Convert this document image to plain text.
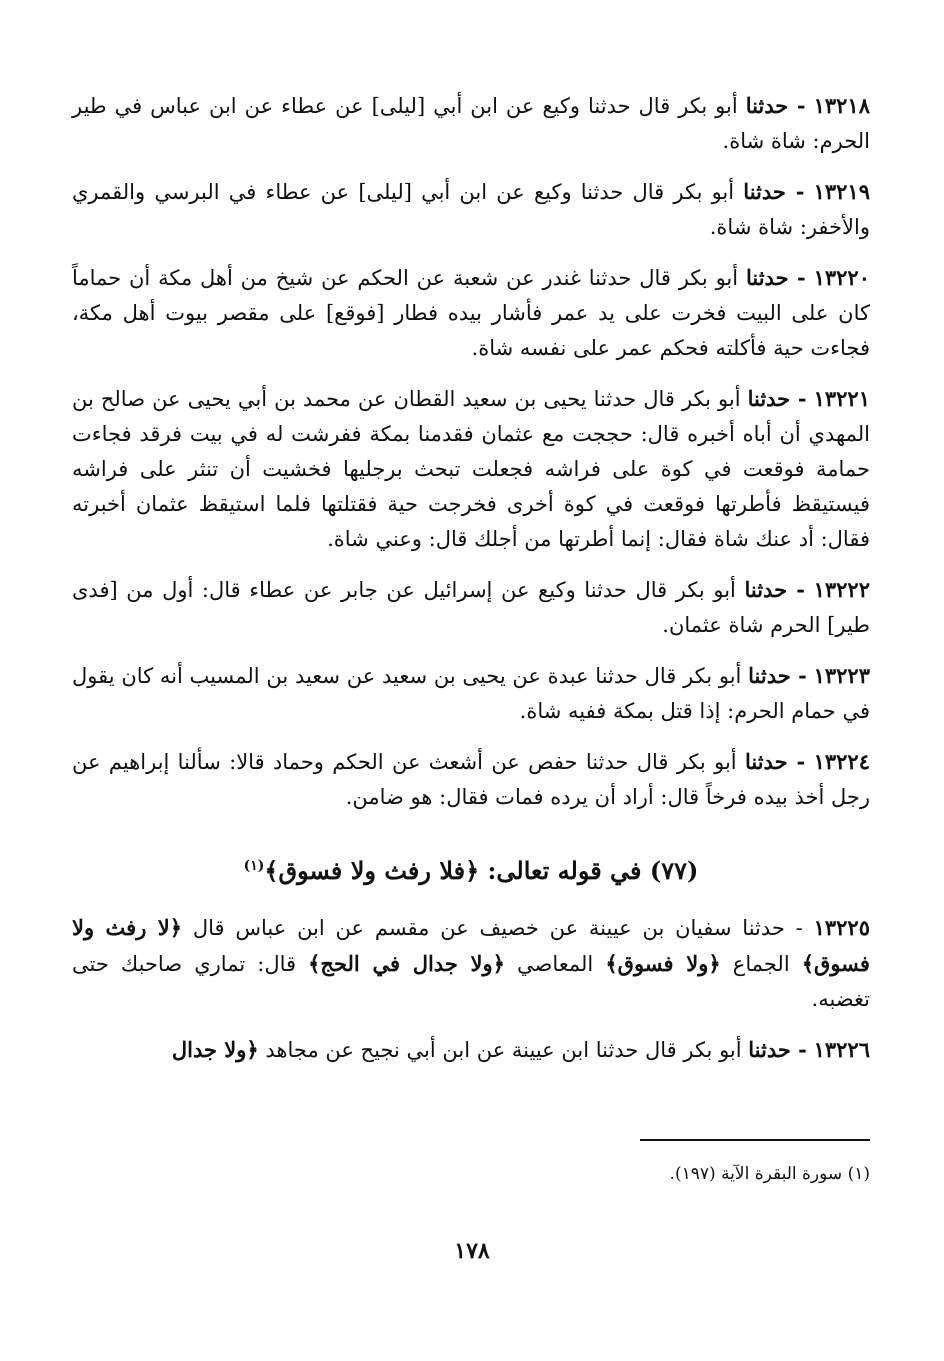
١٣٢١٨ - حدثنا أبو بكر قال حدثنا وكيع عن ابن أبي [ليلى] عن عطاء عن ابن عباس في طير الحرم: شاة شاة.

١٣٢١٩ - حدثنا أبو بكر قال حدثنا وكيع عن ابن أبي [ليلى] عن عطاء في البرسي والقمري والأخفر: شاة شاة.

١٣٢٢٠ - حدثنا أبو بكر قال حدثنا غندر عن شعبة عن الحكم عن شيخ من أهل مكة أن حماماً كان على البيت فخرت على يد عمر فأشار بيده فطار [فوقع] على مقصر بيوت أهل مكة، فجاءت حية فأكلته فحكم عمر على نفسه شاة.

١٣٢٢١ - حدثنا أبو بكر قال حدثنا يحيى بن سعيد القطان عن محمد بن أبي يحيى عن صالح بن المهدي أن أباه أخبره قال: حججت مع عثمان فقدمنا بمكة ففرشت له في بيت فرقد فجاءت حمامة فوقعت في كوة على فراشه فجعلت تبحث برجليها فخشيت أن تنثر على فراشه فيستيقظ فأطرتها فوقعت في كوة أخرى فخرجت حية فقتلتها فلما استيقظ عثمان أخبرته فقال: أد عنك شاة فقال: إنما أطرتها من أجلك قال: وعني شاة.

١٣٢٢٢ - حدثنا أبو بكر قال حدثنا وكيع عن إسرائيل عن جابر عن عطاء قال: أول من [فدى طير] الحرم شاة عثمان.

١٣٢٢٣ - حدثنا أبو بكر قال حدثنا عبدة عن يحيى بن سعيد عن سعيد بن المسيب أنه كان يقول في حمام الحرم: إذا قتل بمكة ففيه شاة.

١٣٢٢٤ - حدثنا أبو بكر قال حدثنا حفص عن أشعث عن الحكم وحماد قالا: سألنا إبراهيم عن رجل أخذ بيده فرخاً قال: أراد أن يرده فمات فقال: هو ضامن.

(٧٧) في قوله تعالى: ﴿فلا رفث ولا فسوق﴾$^{(١)}$

١٣٢٢٥ - حدثنا سفيان بن عيينة عن خصيف عن مقسم عن ابن عباس قال ﴿لا رفث ولا فسوق﴾ الجماع ﴿ولا فسوق﴾ المعاصي ﴿ولا جدال في الحج﴾ قال: تماري صاحبك حتى تغضبه.

١٣٢٢٦ - حدثنا أبو بكر قال حدثنا ابن عيينة عن ابن أبي نجيح عن مجاهد ﴿ولا جدال

(١) سورة البقرة الآية (١٩٧).
١٧٨
